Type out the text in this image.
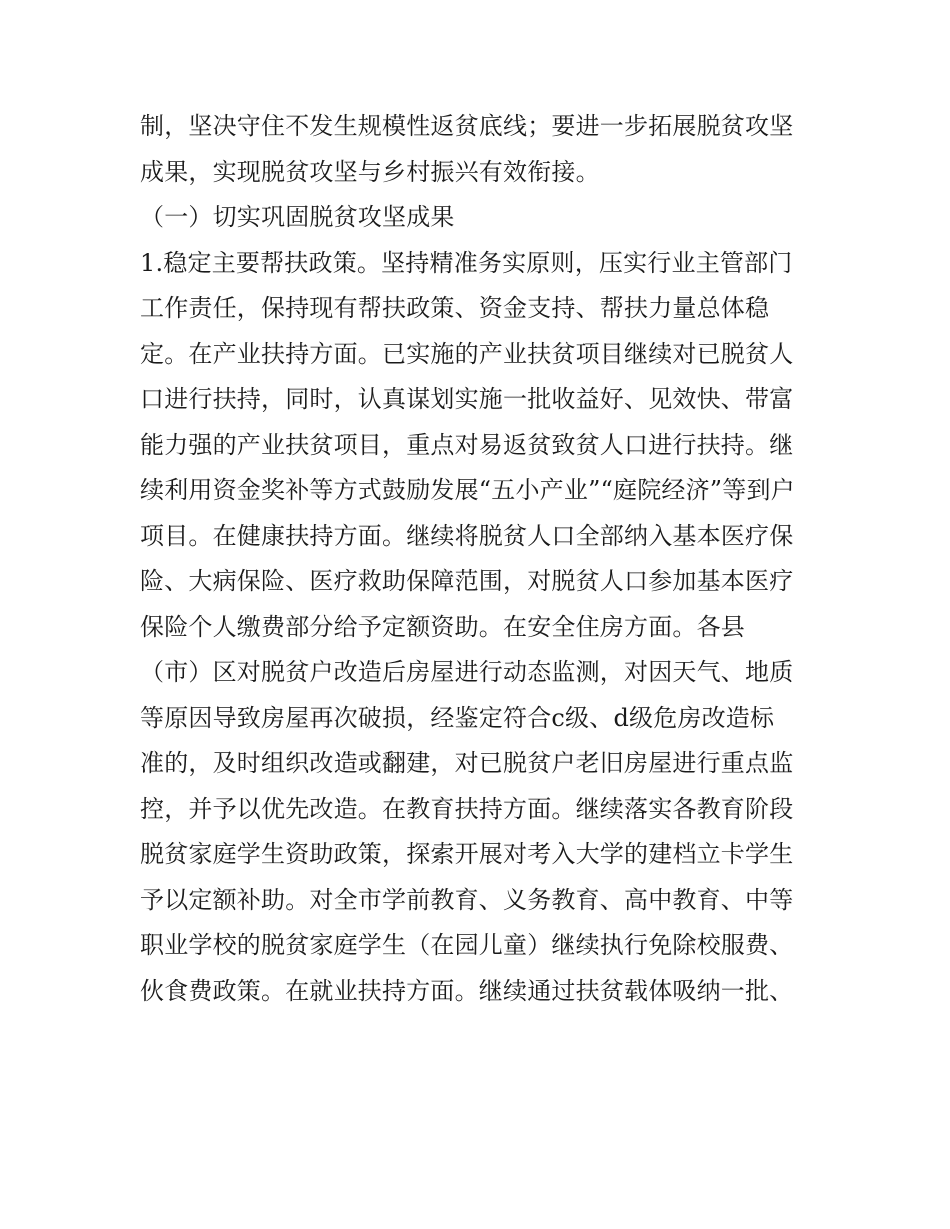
制，坚决守住不发生规模性返贫底线；要进一步拓展脱贫攻坚
成果，实现脱贫攻坚与乡村振兴有效衔接。
（一）切实巩固脱贫攻坚成果
1.稳定主要帮扶政策。坚持精准务实原则，压实行业主管部门
工作责任，保持现有帮扶政策、资金支持、帮扶力量总体稳
定。在产业扶持方面。已实施的产业扶贫项目继续对已脱贫人
口进行扶持，同时，认真谋划实施一批收益好、见效快、带富
能力强的产业扶贫项目，重点对易返贫致贫人口进行扶持。继
续利用资金奖补等方式鼓励发展“五小产业”“庭院经济”等到户
项目。在健康扶持方面。继续将脱贫人口全部纳入基本医疗保
险、大病保险、医疗救助保障范围，对脱贫人口参加基本医疗
保险个人缴费部分给予定额资助。在安全住房方面。各县
（市）区对脱贫户改造后房屋进行动态监测，对因天气、地质
等原因导致房屋再次破损，经鉴定符合c级、d级危房改造标
准的，及时组织改造或翻建，对已脱贫户老旧房屋进行重点监
控，并予以优先改造。在教育扶持方面。继续落实各教育阶段
脱贫家庭学生资助政策，探索开展对考入大学的建档立卡学生
予以定额补助。对全市学前教育、义务教育、高中教育、中等
职业学校的脱贫家庭学生（在园儿童）继续执行免除校服费、
伙食费政策。在就业扶持方面。继续通过扶贫载体吸纳一批、
